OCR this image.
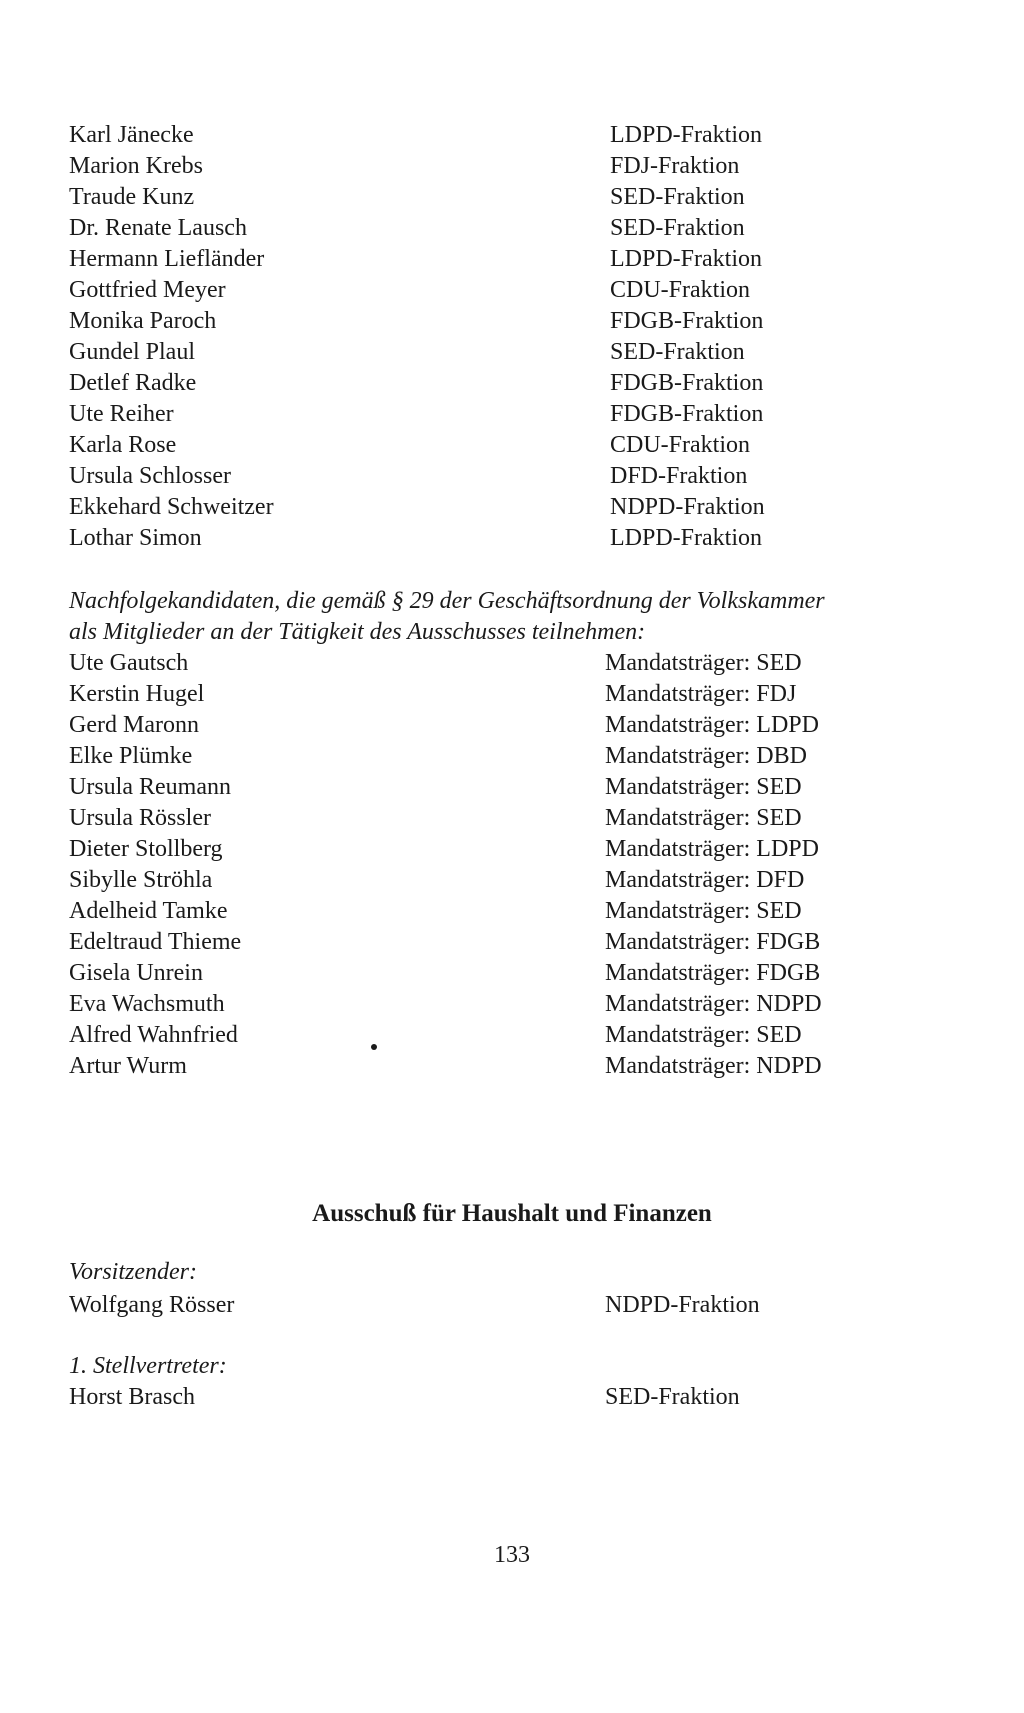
Karl Jänecke	LDPD-Fraktion
Marion Krebs	FDJ-Fraktion
Traude Kunz	SED-Fraktion
Dr. Renate Lausch	SED-Fraktion
Hermann Liefländer	LDPD-Fraktion
Gottfried Meyer	CDU-Fraktion
Monika Paroch	FDGB-Fraktion
Gundel Plaul	SED-Fraktion
Detlef Radke	FDGB-Fraktion
Ute Reiher	FDGB-Fraktion
Karla Rose	CDU-Fraktion
Ursula Schlosser	DFD-Fraktion
Ekkehard Schweitzer	NDPD-Fraktion
Lothar Simon	LDPD-Fraktion
Nachfolgekandidaten, die gemäß § 29 der Geschäftsordnung der Volkskammer
als Mitglieder an der Tätigkeit des Ausschusses teilnehmen:
Ute Gautsch	Mandatsträger: SED
Kerstin Hugel	Mandatsträger: FDJ
Gerd Maronn	Mandatsträger: LDPD
Elke Plümke	Mandatsträger: DBD
Ursula Reumann	Mandatsträger: SED
Ursula Rössler	Mandatsträger: SED
Dieter Stollberg	Mandatsträger: LDPD
Sibylle Ströhla	Mandatsträger: DFD
Adelheid Tamke	Mandatsträger: SED
Edeltraud Thieme	Mandatsträger: FDGB
Gisela Unrein	Mandatsträger: FDGB
Eva Wachsmuth	Mandatsträger: NDPD
Alfred Wahnfried	Mandatsträger: SED
Artur Wurm	Mandatsträger: NDPD
Ausschuß für Haushalt und Finanzen
Vorsitzender:
Wolfgang Rösser	NDPD-Fraktion
1. Stellvertreter:
Horst Brasch	SED-Fraktion
133
